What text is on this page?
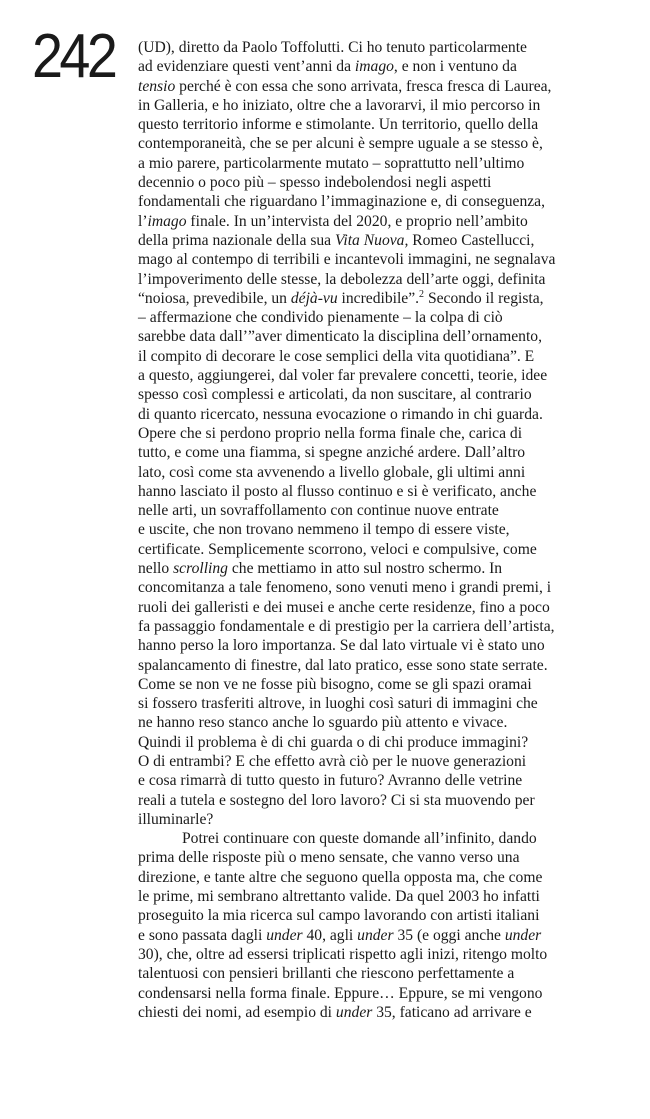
242 (UD), diretto da Paolo Toffolutti. Ci ho tenuto particolarmente
ad evidenziare questi vent’anni da imago, e non i ventuno da
tensio perché è con essa che sono arrivata, fresca fresca di Laurea,
in Galleria, e ho iniziato, oltre che a lavorarvi, il mio percorso in
questo territorio informe e stimolante. Un territorio, quello della
contemporaneità, che se per alcuni è sempre uguale a se stesso è,
a mio parere, particolarmente mutato – soprattutto nell’ultimo
decennio o poco più – spesso indebolendosi negli aspetti
fondamentali che riguardano l’immaginazione e, di conseguenza,
l’imago finale. In un’intervista del 2020, e proprio nell’ambito
della prima nazionale della sua Vita Nuova, Romeo Castellucci,
mago al contempo di terribili e incantevoli immagini, ne segnalava
l’impoverimento delle stesse, la debolezza dell’arte oggi, definita
“noiosa, prevedibile, un déjà-vu incredibile”.$^2$ Secondo il regista,
– affermazione che condivido pienamente – la colpa di ciò
sarebbe data dall’”aver dimenticato la disciplina dell’ornamento,
il compito di decorare le cose semplici della vita quotidiana”. E
a questo, aggiungerei, dal voler far prevalere concetti, teorie, idee
spesso così complessi e articolati, da non suscitare, al contrario
di quanto ricercato, nessuna evocazione o rimando in chi guarda.
Opere che si perdono proprio nella forma finale che, carica di
tutto, e come una fiamma, si spegne anziché ardere. Dall’altro
lato, così come sta avvenendo a livello globale, gli ultimi anni
hanno lasciato il posto al flusso continuo e si è verificato, anche
nelle arti, un sovraffollamento con continue nuove entrate
e uscite, che non trovano nemmeno il tempo di essere viste,
certificate. Semplicemente scorrono, veloci e compulsive, come
nello scrolling che mettiamo in atto sul nostro schermo. In
concomitanza a tale fenomeno, sono venuti meno i grandi premi, i
ruoli dei galleristi e dei musei e anche certe residenze, fino a poco
fa passaggio fondamentale e di prestigio per la carriera dell’artista,
hanno perso la loro importanza. Se dal lato virtuale vi è stato uno
spalancamento di finestre, dal lato pratico, esse sono state serrate.
Come se non ve ne fosse più bisogno, come se gli spazi oramai
si fossero trasferiti altrove, in luoghi così saturi di immagini che
ne hanno reso stanco anche lo sguardo più attento e vivace.
Quindi il problema è di chi guarda o di chi produce immagini?
O di entrambi? E che effetto avrà ciò per le nuove generazioni
e cosa rimarrà di tutto questo in futuro? Avranno delle vetrine
reali a tutela e sostegno del loro lavoro? Ci si sta muovendo per
illuminarle?
Potrei continuare con queste domande all’infinito, dando
prima delle risposte più o meno sensate, che vanno verso una
direzione, e tante altre che seguono quella opposta ma, che come
le prime, mi sembrano altrettanto valide. Da quel 2003 ho infatti
proseguito la mia ricerca sul campo lavorando con artisti italiani
e sono passata dagli under 40, agli under 35 (e oggi anche under
30), che, oltre ad essersi triplicati rispetto agli inizi, ritengo molto
talentuosi con pensieri brillanti che riescono perfettamente a
condensarsi nella forma finale. Eppure… Eppure, se mi vengono
chiesti dei nomi, ad esempio di under 35, faticano ad arrivare e
